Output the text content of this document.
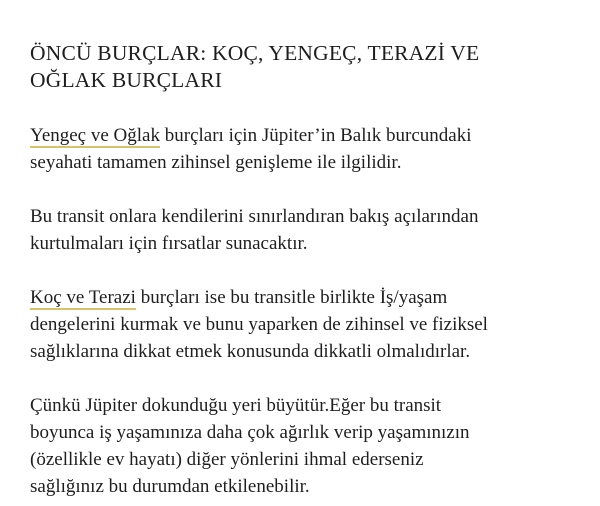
ÖNCÜ BURÇLAR: KOÇ, YENGEÇ, TERAZİ VE
OĞLAK BURÇLARI

Yengeç ve Oğlak burçları için Jüpiter’in Balık burcundaki
seyahati tamamen zihinsel genişleme ile ilgilidir.

Bu transit onlara kendilerini sınırlandıran bakış açılarından
kurtulmaları için fırsatlar sunacaktır.

Koç ve Terazi burçları ise bu transitle birlikte İş/yaşam
dengelerini kurmak ve bunu yaparken de zihinsel ve fiziksel
sağlıklarına dikkat etmek konusunda dikkatli olmalıdırlar.

Çünkü Jüpiter dokunduğu yeri büyütür.Eğer bu transit
boyunca iş yaşamınıza daha çok ağırlık verip yaşamınızın
(özellikle ev hayatı) diğer yönlerini ihmal ederseniz
sağlığınız bu durumdan etkilenebilir.
